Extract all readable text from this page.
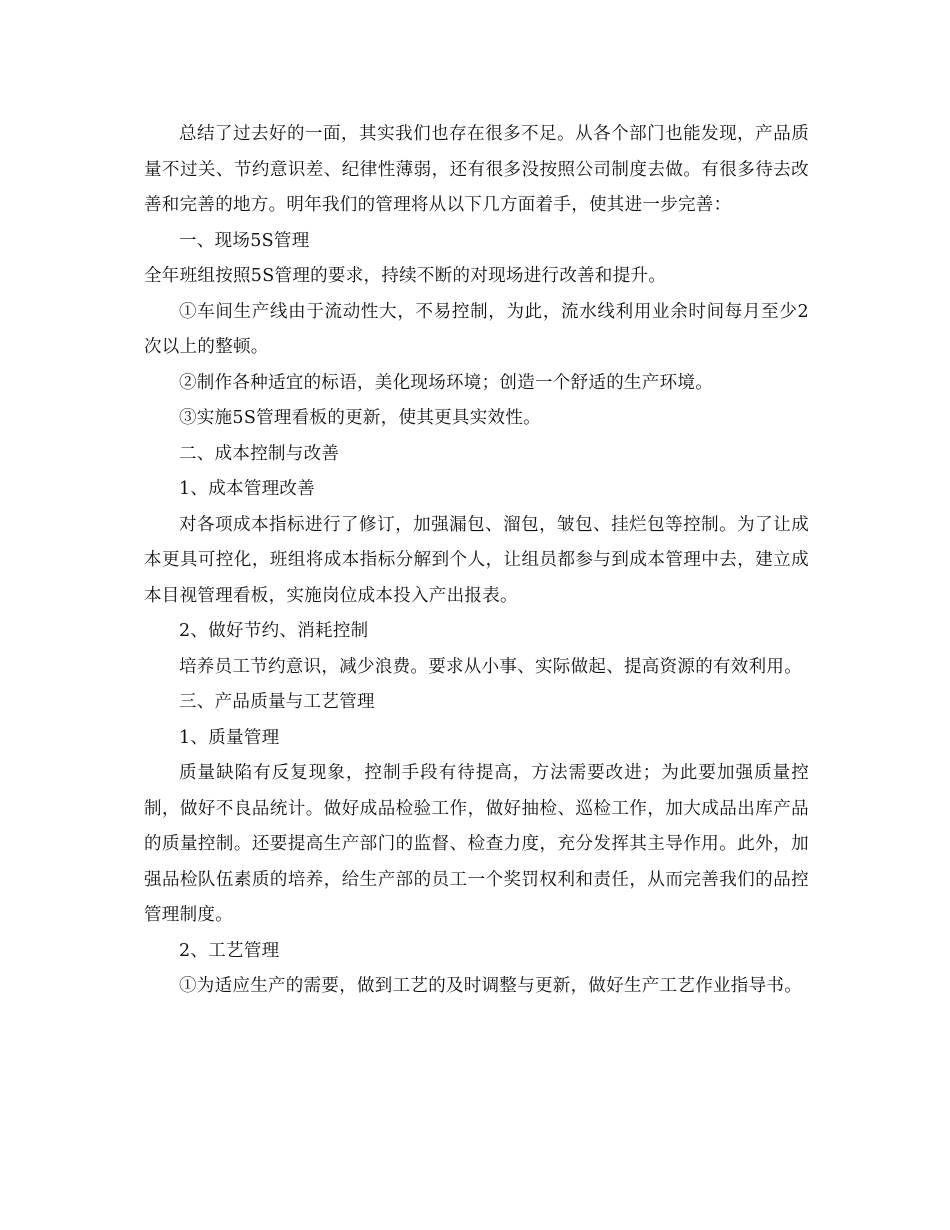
总结了过去好的一面，其实我们也存在很多不足。从各个部门也能发现，产品质量不过关、节约意识差、纪律性薄弱，还有很多没按照公司制度去做。有很多待去改善和完善的地方。明年我们的管理将从以下几方面着手，使其进一步完善：

一、现场5S管理

全年班组按照5S管理的要求，持续不断的对现场进行改善和提升。

①车间生产线由于流动性大，不易控制，为此，流水线利用业余时间每月至少2次以上的整顿。

②制作各种适宜的标语，美化现场环境；创造一个舒适的生产环境。

③实施5S管理看板的更新，使其更具实效性。

二、成本控制与改善

1、成本管理改善

对各项成本指标进行了修订，加强漏包、溜包，皱包、挂烂包等控制。为了让成本更具可控化，班组将成本指标分解到个人，让组员都参与到成本管理中去，建立成本目视管理看板，实施岗位成本投入产出报表。

2、做好节约、消耗控制

培养员工节约意识，减少浪费。要求从小事、实际做起、提高资源的有效利用。

三、产品质量与工艺管理

1、质量管理

质量缺陷有反复现象，控制手段有待提高，方法需要改进；为此要加强质量控制，做好不良品统计。做好成品检验工作，做好抽检、巡检工作，加大成品出库产品的质量控制。还要提高生产部门的监督、检查力度，充分发挥其主导作用。此外，加强品检队伍素质的培养，给生产部的员工一个奖罚权利和责任，从而完善我们的品控管理制度。

2、工艺管理

①为适应生产的需要，做到工艺的及时调整与更新，做好生产工艺作业指导书。
